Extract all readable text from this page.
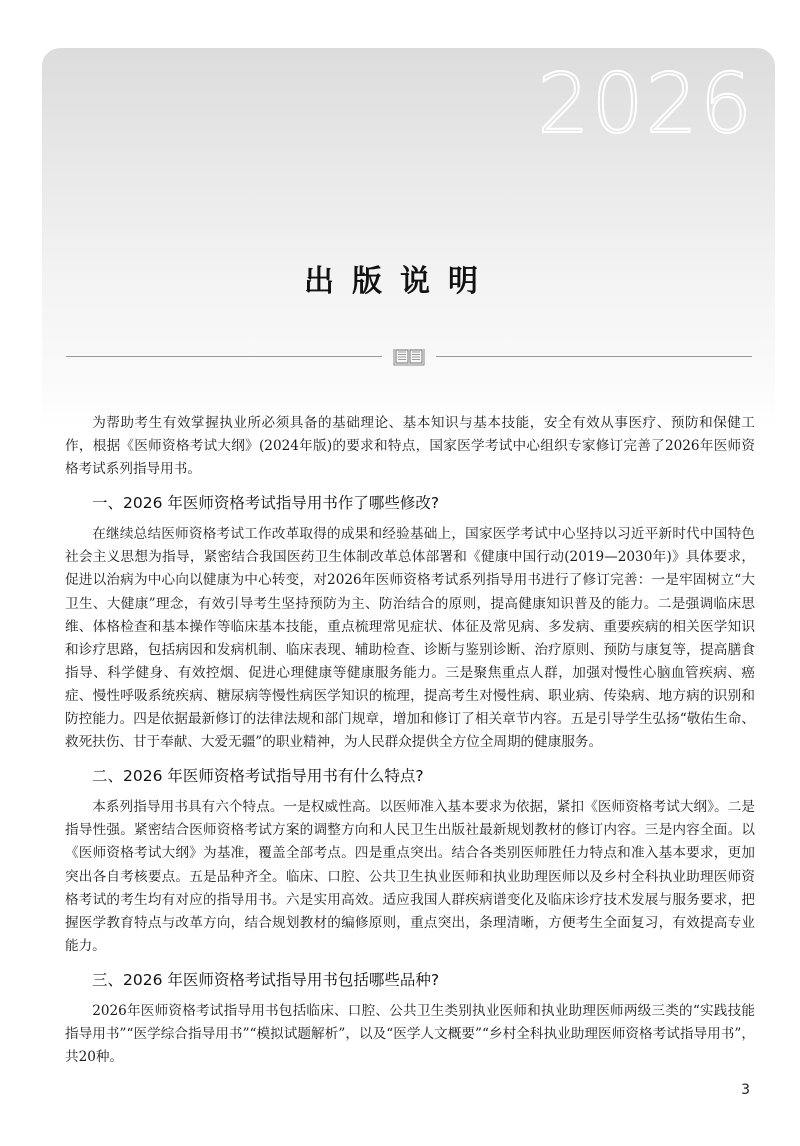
2026
出版说明

为帮助考生有效掌握执业所必须具备的基础理论、基本知识与基本技能，安全有效从事医疗、预防和保健工作，根据《医师资格考试大纲》(2024年版)的要求和特点，国家医学考试中心组织专家修订完善了2026年医师资格考试系列指导用书。

一、2026 年医师资格考试指导用书作了哪些修改?

在继续总结医师资格考试工作改革取得的成果和经验基础上，国家医学考试中心坚持以习近平新时代中国特色社会主义思想为指导，紧密结合我国医药卫生体制改革总体部署和《健康中国行动(2019—2030年)》具体要求，促进以治病为中心向以健康为中心转变，对2026年医师资格考试系列指导用书进行了修订完善：一是牢固树立“大卫生、大健康”理念，有效引导考生坚持预防为主、防治结合的原则，提高健康知识普及的能力。二是强调临床思维、体格检查和基本操作等临床基本技能，重点梳理常见症状、体征及常见病、多发病、重要疾病的相关医学知识和诊疗思路，包括病因和发病机制、临床表现、辅助检查、诊断与鉴别诊断、治疗原则、预防与康复等，提高膳食指导、科学健身、有效控烟、促进心理健康等健康服务能力。三是聚焦重点人群，加强对慢性心脑血管疾病、癌症、慢性呼吸系统疾病、糖尿病等慢性病医学知识的梳理，提高考生对慢性病、职业病、传染病、地方病的识别和防控能力。四是依据最新修订的法律法规和部门规章，增加和修订了相关章节内容。五是引导学生弘扬“敬佑生命、救死扶伤、甘于奉献、大爱无疆”的职业精神，为人民群众提供全方位全周期的健康服务。

二、2026 年医师资格考试指导用书有什么特点?

本系列指导用书具有六个特点。一是权威性高。以医师准入基本要求为依据，紧扣《医师资格考试大纲》。二是指导性强。紧密结合医师资格考试方案的调整方向和人民卫生出版社最新规划教材的修订内容。三是内容全面。以《医师资格考试大纲》为基准，覆盖全部考点。四是重点突出。结合各类别医师胜任力特点和准入基本要求，更加突出各自考核要点。五是品种齐全。临床、口腔、公共卫生执业医师和执业助理医师以及乡村全科执业助理医师资格考试的考生均有对应的指导用书。六是实用高效。适应我国人群疾病谱变化及临床诊疗技术发展与服务要求，把握医学教育特点与改革方向，结合规划教材的编修原则，重点突出，条理清晰，方便考生全面复习，有效提高专业能力。

三、2026 年医师资格考试指导用书包括哪些品种?

2026年医师资格考试指导用书包括临床、口腔、公共卫生类别执业医师和执业助理医师两级三类的“实践技能指导用书”“医学综合指导用书”“模拟试题解析”，以及“医学人文概要”“乡村全科执业助理医师资格考试指导用书”，共20种。

3
